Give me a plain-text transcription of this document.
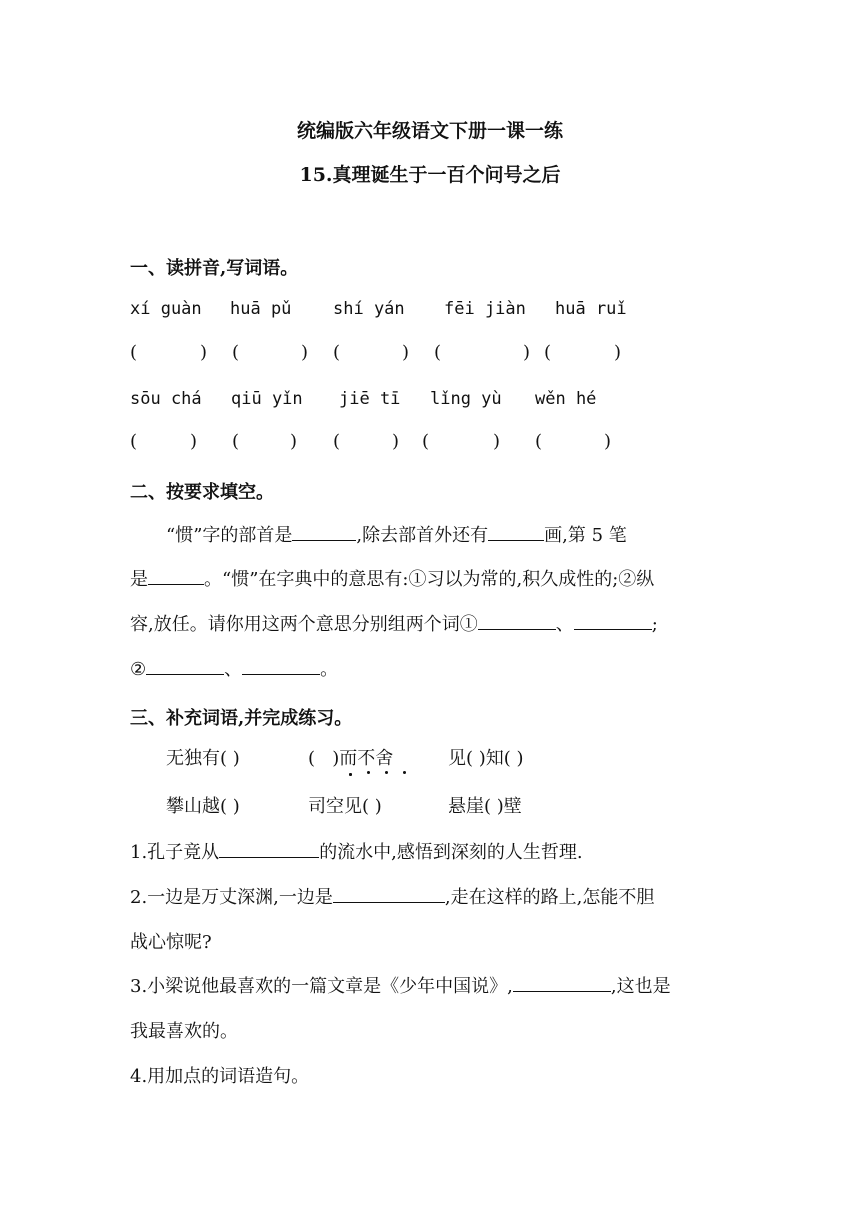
统编版六年级语文下册一课一练
15.真理诞生于一百个问号之后
一、读拼音,写词语。
xí guàn huā pǔ shí yán fēi jiàn huā ruǐ
(	) (	) (	) (	) (	)
sōu chá qiū yǐn jiē tī lǐng yù wěn hé
(	) (	) (	) (	) (	)
二、按要求填空。
“惯”字的部首是	,除去部首外还有	画,第 5 笔
是	。“惯”在字典中的意思有:①习以为常的,积久成性的;②纵
容,放任。请你用这两个意思分别组两个词①	、	;
②	、	。
三、补充词语,并完成练习。
无独有( )	( )而不舍	见( )知( )
攀山越( )	司空见( )	悬崖( )壁
1.孔子竟从	的流水中,感悟到深刻的人生哲理.
2.一边是万丈深渊,一边是	,走在这样的路上,怎能不胆
战心惊呢?
3.小梁说他最喜欢的一篇文章是《少年中国说》,	,这也是
我最喜欢的。
4.用加点的词语造句。
